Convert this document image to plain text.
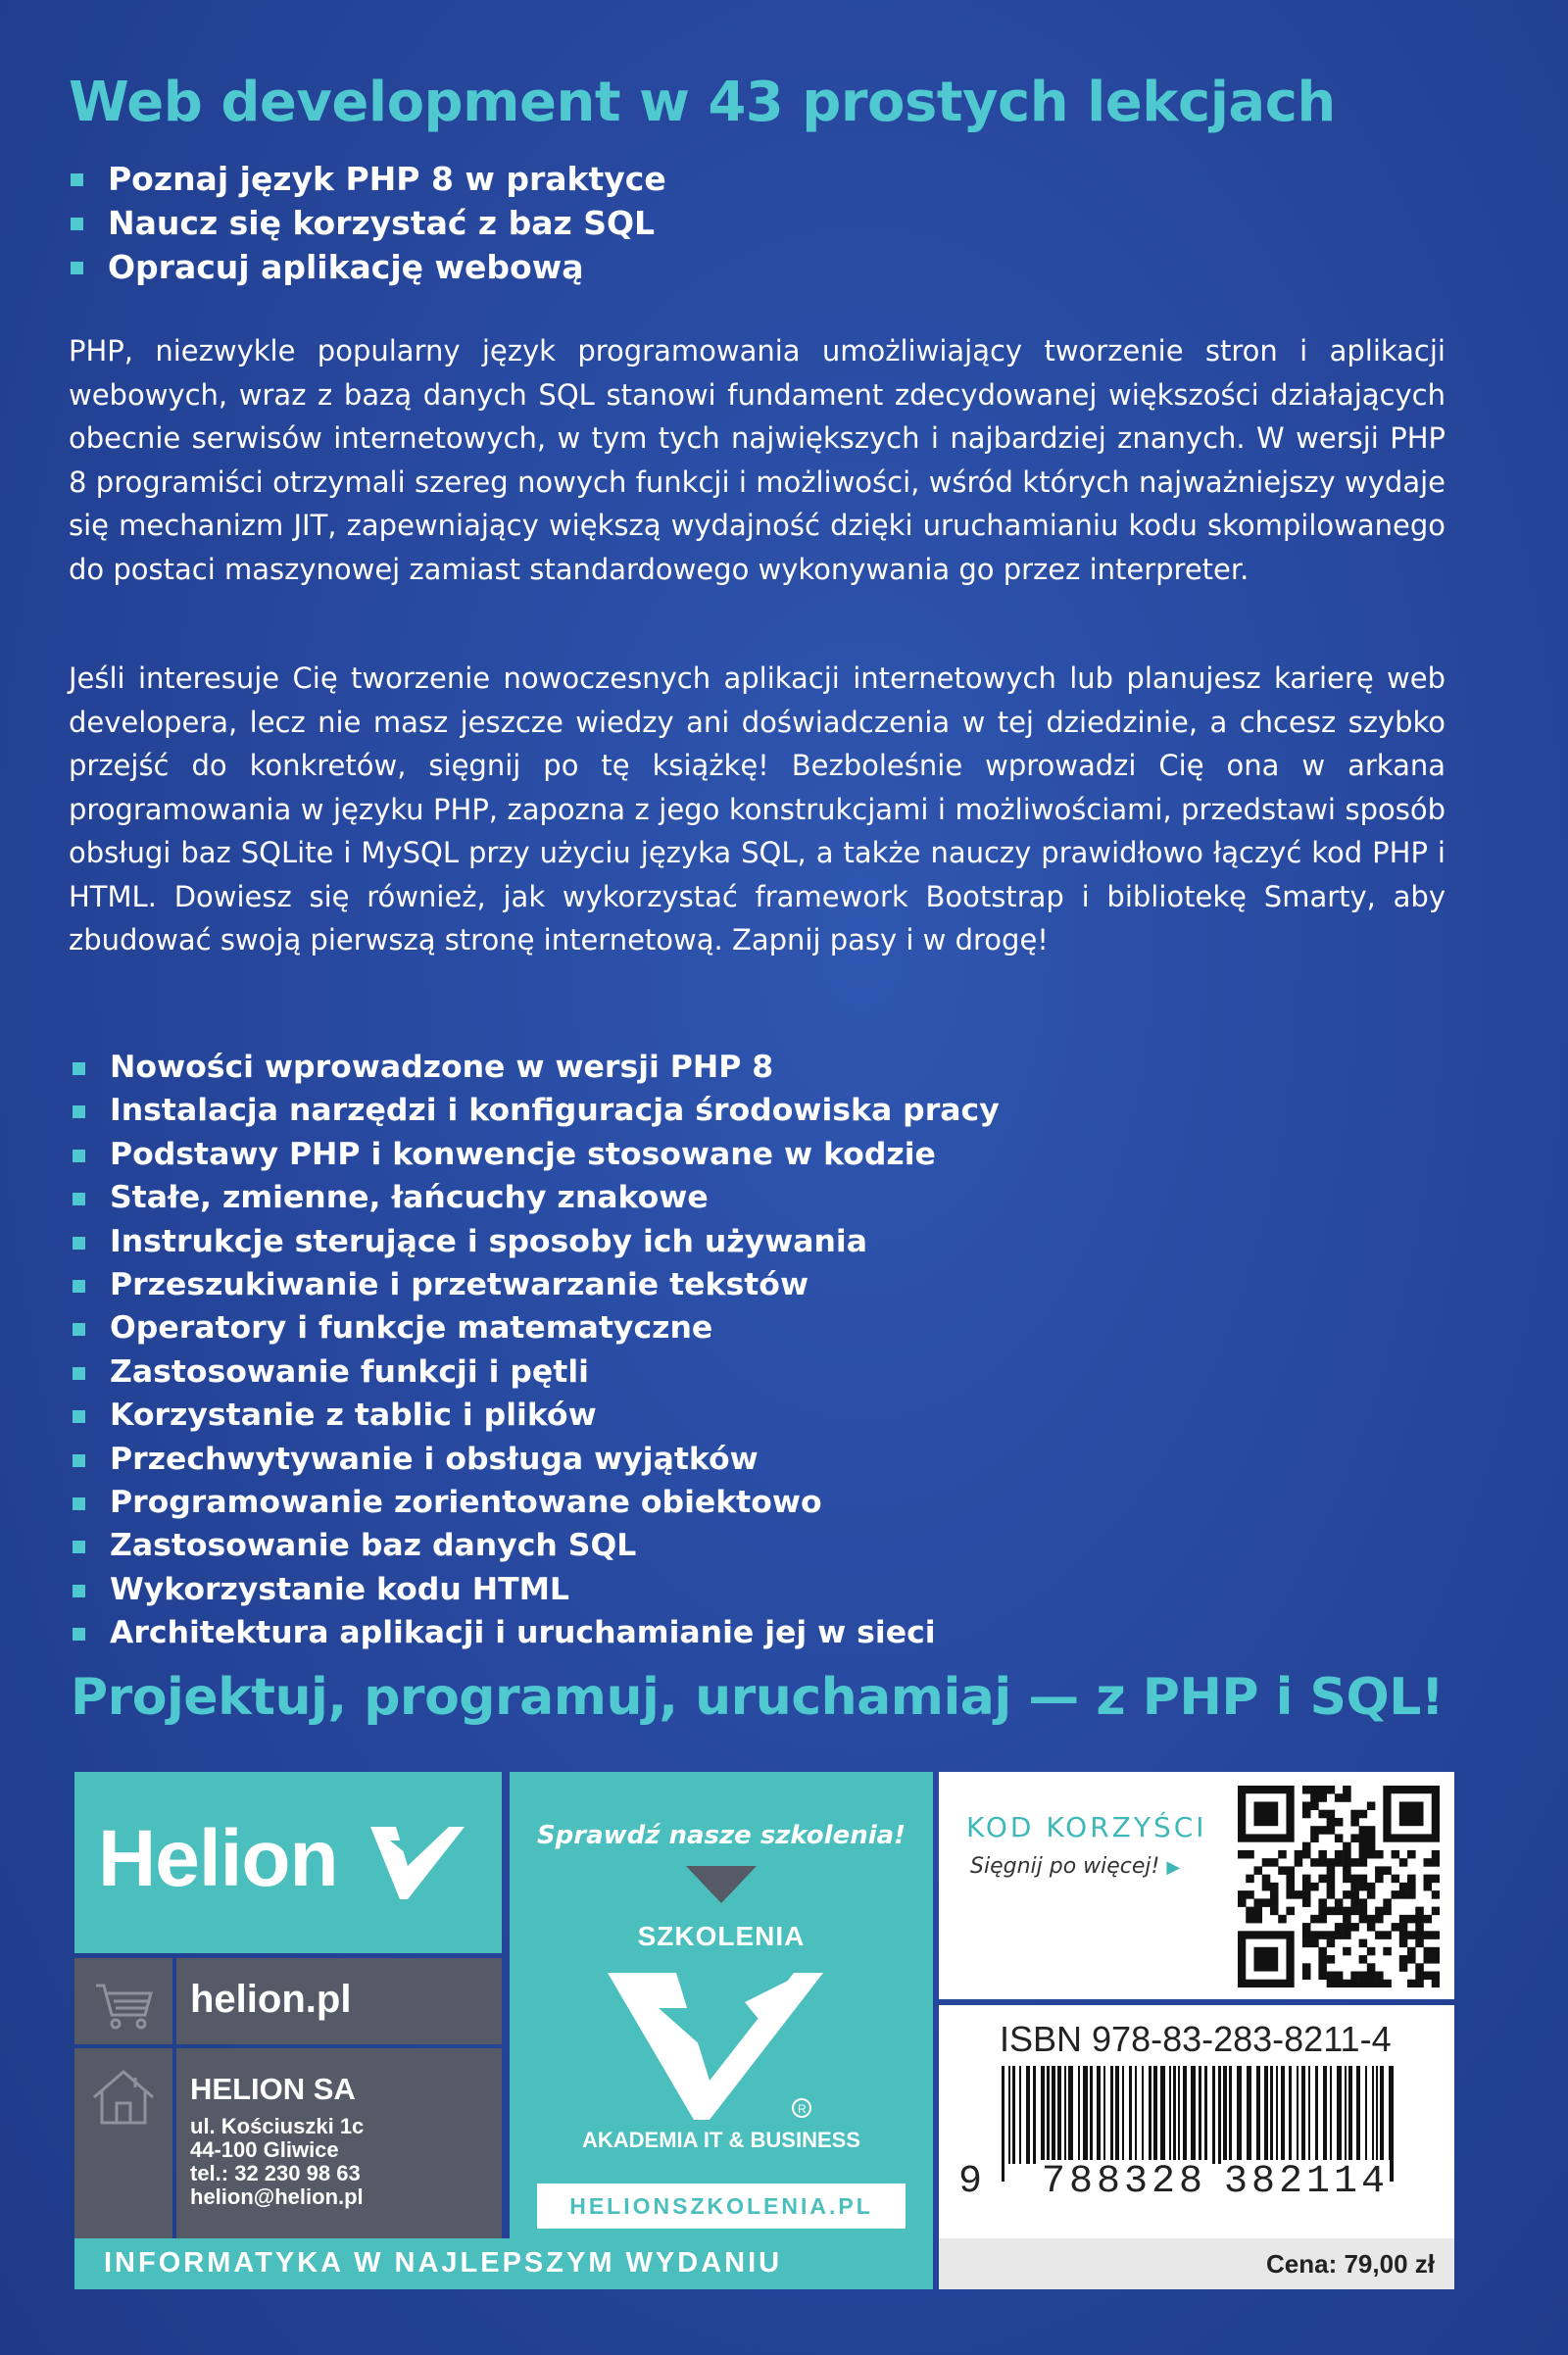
Web development w 43 prostych lekcjach
Poznaj język PHP 8 w praktyce
Naucz się korzystać z baz SQL
Opracuj aplikację webową

PHP, niezwykle popularny język programowania umożliwiający tworzenie stron i aplikacji webowych, wraz z bazą danych SQL stanowi fundament zdecydowanej większości działających obecnie serwisów internetowych, w tym tych największych i najbardziej znanych. W wersji PHP 8 programiści otrzymali szereg nowych funkcji i możliwości, wśród których najważniejszy wydaje się mechanizm JIT, zapewniający większą wydajność dzięki uruchamianiu kodu skompilowanego do postaci maszynowej zamiast standardowego wykonywania go przez interpreter.

Jeśli interesuje Cię tworzenie nowoczesnych aplikacji internetowych lub planujesz karierę web developera, lecz nie masz jeszcze wiedzy ani doświadczenia w tej dziedzinie, a chcesz szybko przejść do konkretów, sięgnij po tę książkę! Bezboleśnie wprowadzi Cię ona w arkana programowania w języku PHP, zapozna z jego konstrukcjami i możliwościami, przedstawi sposób obsługi baz SQLite i MySQL przy użyciu języka SQL, a także nauczy prawidłowo łączyć kod PHP i HTML. Dowiesz się również, jak wykorzystać framework Bootstrap i bibliotekę Smarty, aby zbudować swoją pierwszą stronę internetową. Zapnij pasy i w drogę!

Nowości wprowadzone w wersji PHP 8
Instalacja narzędzi i konfiguracja środowiska pracy
Podstawy PHP i konwencje stosowane w kodzie
Stałe, zmienne, łańcuchy znakowe
Instrukcje sterujące i sposoby ich używania
Przeszukiwanie i przetwarzanie tekstów
Operatory i funkcje matematyczne
Zastosowanie funkcji i pętli
Korzystanie z tablic i plików
Przechwytywanie i obsługa wyjątków
Programowanie zorientowane obiektowo
Zastosowanie baz danych SQL
Wykorzystanie kodu HTML
Architektura aplikacji i uruchamianie jej w sieci
Projektuj, programuj, uruchamiaj — z PHP i SQL!
Helion
helion.pl
HELION SA
ul. Kościuszki 1c
44-100 Gliwice
tel.: 32 230 98 63
helion@helion.pl
Sprawdź nasze szkolenia!
SZKOLENIA
R
AKADEMIA IT & BUSINESS
HELIONSZKOLENIA.PL
KOD KORZYŚCI
Sięgnij po więcej! ▶
ISBN 978-83-283-8211-4
9 788328 382114
INFORMATYKA W NAJLEPSZYM WYDANIU	Cena: 79,00 zł
